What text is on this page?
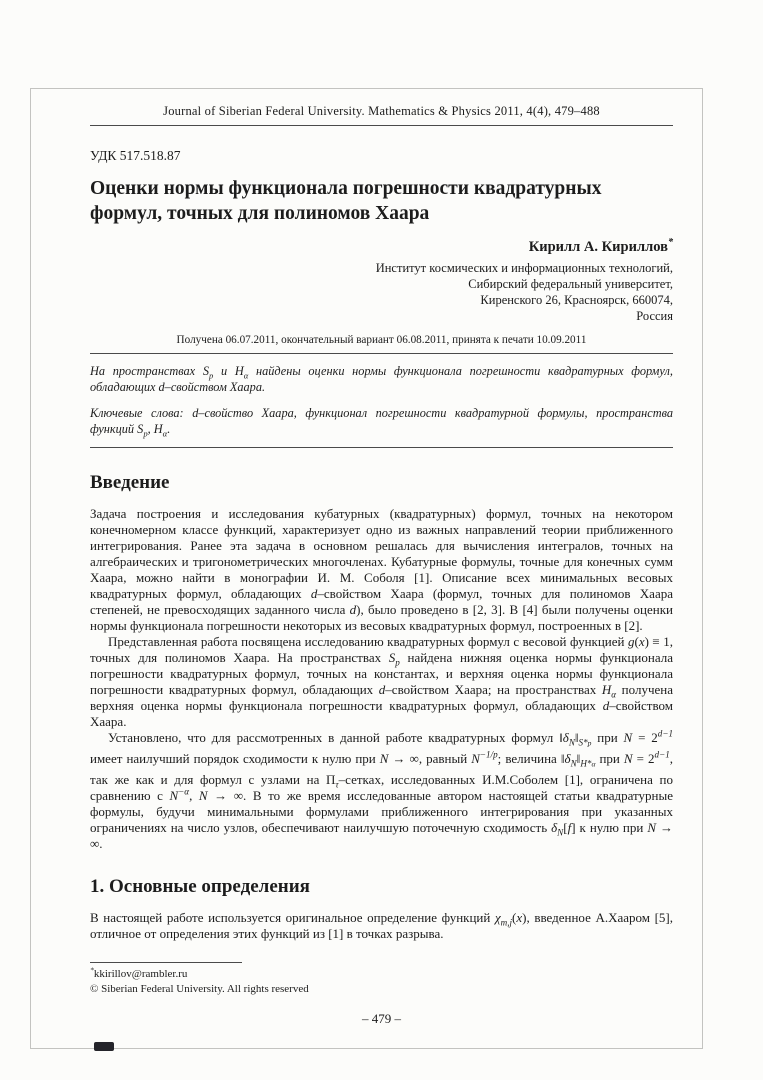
Journal of Siberian Federal University. Mathematics & Physics 2011, 4(4), 479–488
УДК 517.518.87
Оценки нормы функционала погрешности квадратурных формул, точных для полиномов Хаара
Кирилл А. Кириллов*
Институт космических и информационных технологий,
Сибирский федеральный университет,
Киренского 26, Красноярск, 660074,
Россия
Получена 06.07.2011, окончательный вариант 06.08.2011, принята к печати 10.09.2011

На пространствах $S_p$ и $H_\alpha$ найдены оценки нормы функционала погрешности квадратурных формул, обладающих d–свойством Хаара.

Ключевые слова: d–свойство Хаара, функционал погрешности квадратурной формулы, пространства функций $S_p$, $H_\alpha$.

Введение

Задача построения и исследования кубатурных (квадратурных) формул, точных на некотором конечномерном классе функций, характеризует одно из важных направлений теории приближенного интегрирования. Ранее эта задача в основном решалась для вычисления интегралов, точных на алгебраических и тригонометрических многочленах. Кубатурные формулы, точные для конечных сумм Хаара, можно найти в монографии И. М. Соболя [1]. Описание всех минимальных весовых квадратурных формул, обладающих d–свойством Хаара (формул, точных для полиномов Хаара степеней, не превосходящих заданного числа d), было проведено в [2, 3]. В [4] были получены оценки нормы функционала погрешности некоторых из весовых квадратурных формул, построенных в [2].

Представленная работа посвящена исследованию квадратурных формул с весовой функцией g(x) ≡ 1, точных для полиномов Хаара. На пространствах $S_p$ найдена нижняя оценка нормы функционала погрешности квадратурных формул, точных на константах, и верхняя оценка нормы функционала погрешности квадратурных формул, обладающих d–свойством Хаара; на пространствах $H_\alpha$ получена верхняя оценка нормы функционала погрешности квадратурных формул, обладающих d–свойством Хаара.

Установлено, что для рассмотренных в данной работе квадратурных формул $‖\delta_N‖_{S*p}$ при $N = 2^{d-1}$ имеет наилучший порядок сходимости к нулю при N → ∞, равный $N^{-1/p}$; величина $‖\delta_N‖_{H*\alpha}$ при $N = 2^{d-1}$, так же как и для формул с узлами на $П_\tau$–сетках, исследованных И.М.Соболем [1], ограничена по сравнению с $N^{-\alpha}$, N → ∞. В то же время исследованные автором настоящей статьи квадратурные формулы, будучи минимальными формулами приближенного интегрирования при указанных ограничениях на число узлов, обеспечивают наилучшую поточечную сходимость $\delta_N[f]$ к нулю при N → ∞.

1. Основные определения

В настоящей работе используется оригинальное определение функций $\chi_{m,j}(x)$, введенное А.Хааром [5], отличное от определения этих функций из [1] в точках разрыва.

*kkirillov@rambler.ru
© Siberian Federal University. All rights reserved
– 479 –
